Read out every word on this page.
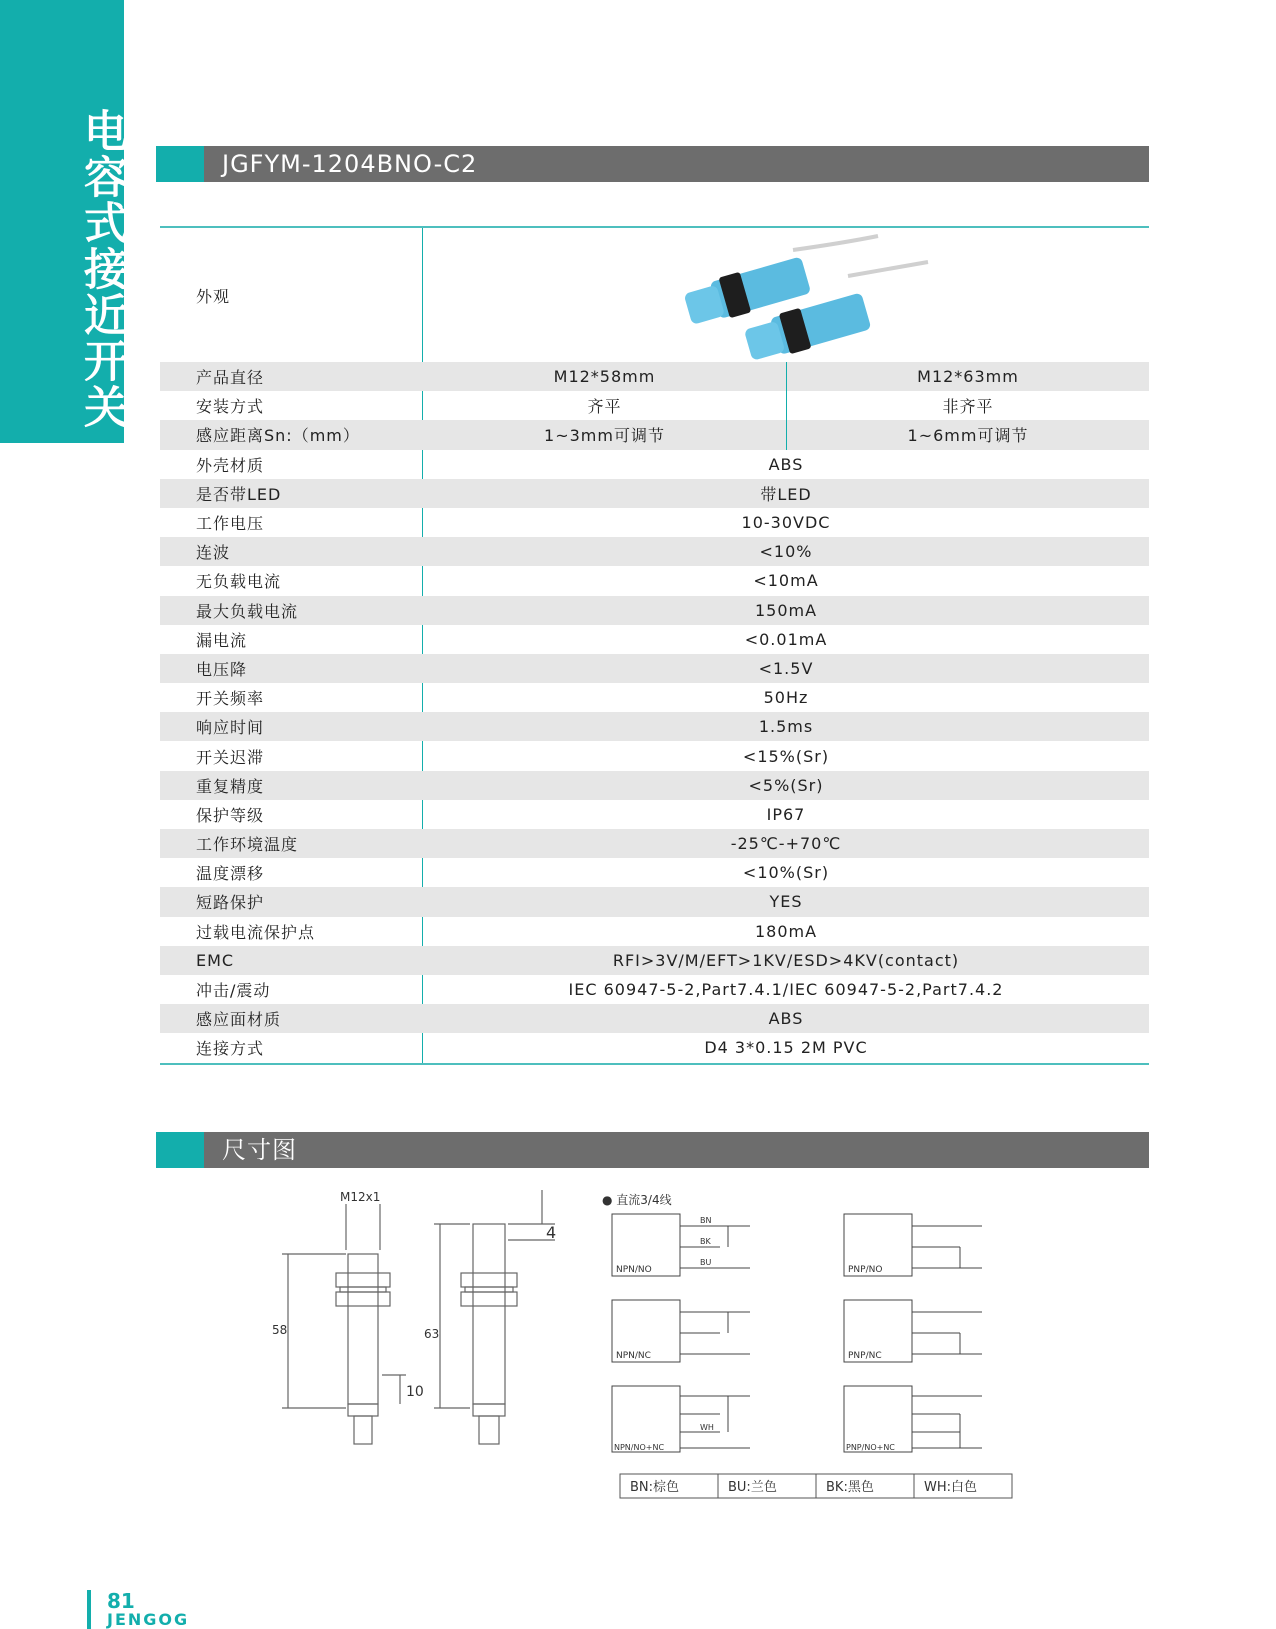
电容式接近开关	JGFYM-1204BNO-C2
外观
产品直径	M12*58mm	M12*63mm
安装方式	齐平	非齐平
感应距离Sn:（mm）	1~3mm可调节	1~6mm可调节
外壳材质	ABS
是否带LED	带LED
工作电压	10-30VDC
连波	<10%
无负载电流	<10mA
最大负载电流	150mA
漏电流	<0.01mA
电压降	<1.5V
开关频率	50Hz
响应时间	1.5ms
开关迟滞	<15%(Sr)
重复精度	<5%(Sr)
保护等级	IP67
工作环境温度	-25℃-+70℃
温度漂移	<10%(Sr)
短路保护	YES
过载电流保护点	180mA
EMC	RFI>3V/M/EFT>1KV/ESD>4KV(contact)
冲击/震动	IEC 60947-5-2,Part7.4.1/IEC 60947-5-2,Part7.4.2
感应面材质	ABS
连接方式	D4 3*0.15 2M PVC
尺寸图
M12x1
58	63
4
10
● 直流3/4线
NPN/NO
BN
BK
BU
PNP/NO
NPN/NC	PNP/NC
NPN/NO+NC
WH
PNP/NO+NC
BN:棕色	BU:兰色	BK:黑色	WH:白色
81
JENGOG
